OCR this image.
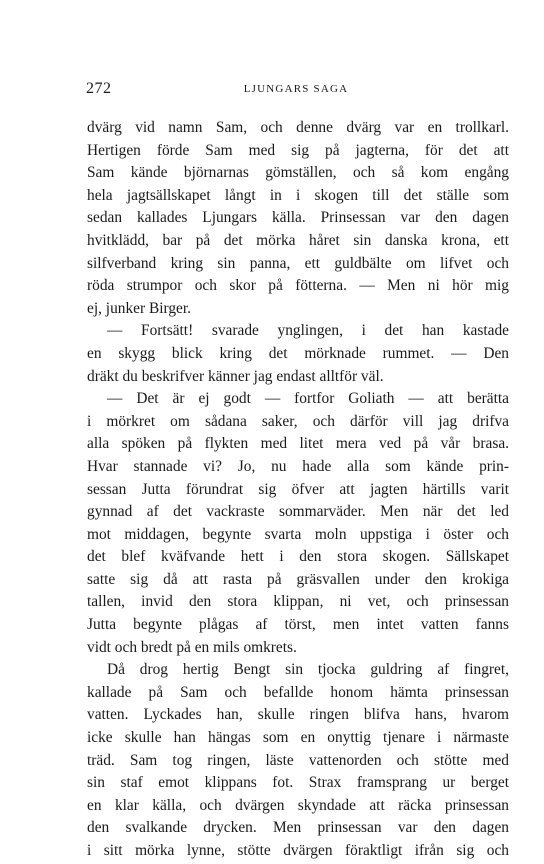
272	LJUNGARS SAGA
dvärg vid namn Sam, och denne dvärg var en trollkarl.
Hertigen förde Sam med sig på jagterna, för det att
Sam kände björnarnas gömställen, och så kom engång
hela jagtsällskapet långt in i skogen till det ställe som
sedan kallades Ljungars källa. Prinsessan var den dagen
hvitklädd, bar på det mörka håret sin danska krona, ett
silfverband kring sin panna, ett guldbälte om lifvet och
röda strumpor och skor på fötterna. — Men ni hör mig
ej, junker Birger.
— Fortsätt! svarade ynglingen, i det han kastade
en skygg blick kring det mörknade rummet. — Den
dräkt du beskrifver känner jag endast alltför väl.
— Det är ej godt — fortfor Goliath — att berätta
i mörkret om sådana saker, och därför vill jag drifva
alla spöken på flykten med litet mera ved på vår brasa.
Hvar stannade vi? Jo, nu hade alla som kände prin-
sessan Jutta förundrat sig öfver att jagten härtills varit
gynnad af det vackraste sommarväder. Men när det led
mot middagen, begynte svarta moln uppstiga i öster och
det blef kväfvande hett i den stora skogen. Sällskapet
satte sig då att rasta på gräsvallen under den krokiga
tallen, invid den stora klippan, ni vet, och prinsessan
Jutta begynte plågas af törst, men intet vatten fanns
vidt och bredt på en mils omkrets.
Då drog hertig Bengt sin tjocka guldring af fingret,
kallade på Sam och befallde honom hämta prinsessan
vatten. Lyckades han, skulle ringen blifva hans, hvarom
icke skulle han hängas som en onyttig tjenare i närmaste
träd. Sam tog ringen, läste vattenorden och stötte med
sin staf emot klippans fot. Strax framsprang ur berget
en klar källa, och dvärgen skyndade att räcka prinsessan
den svalkande drycken. Men prinsessan var den dagen
i sitt mörka lynne, stötte dvärgen föraktligt ifrån sig och
